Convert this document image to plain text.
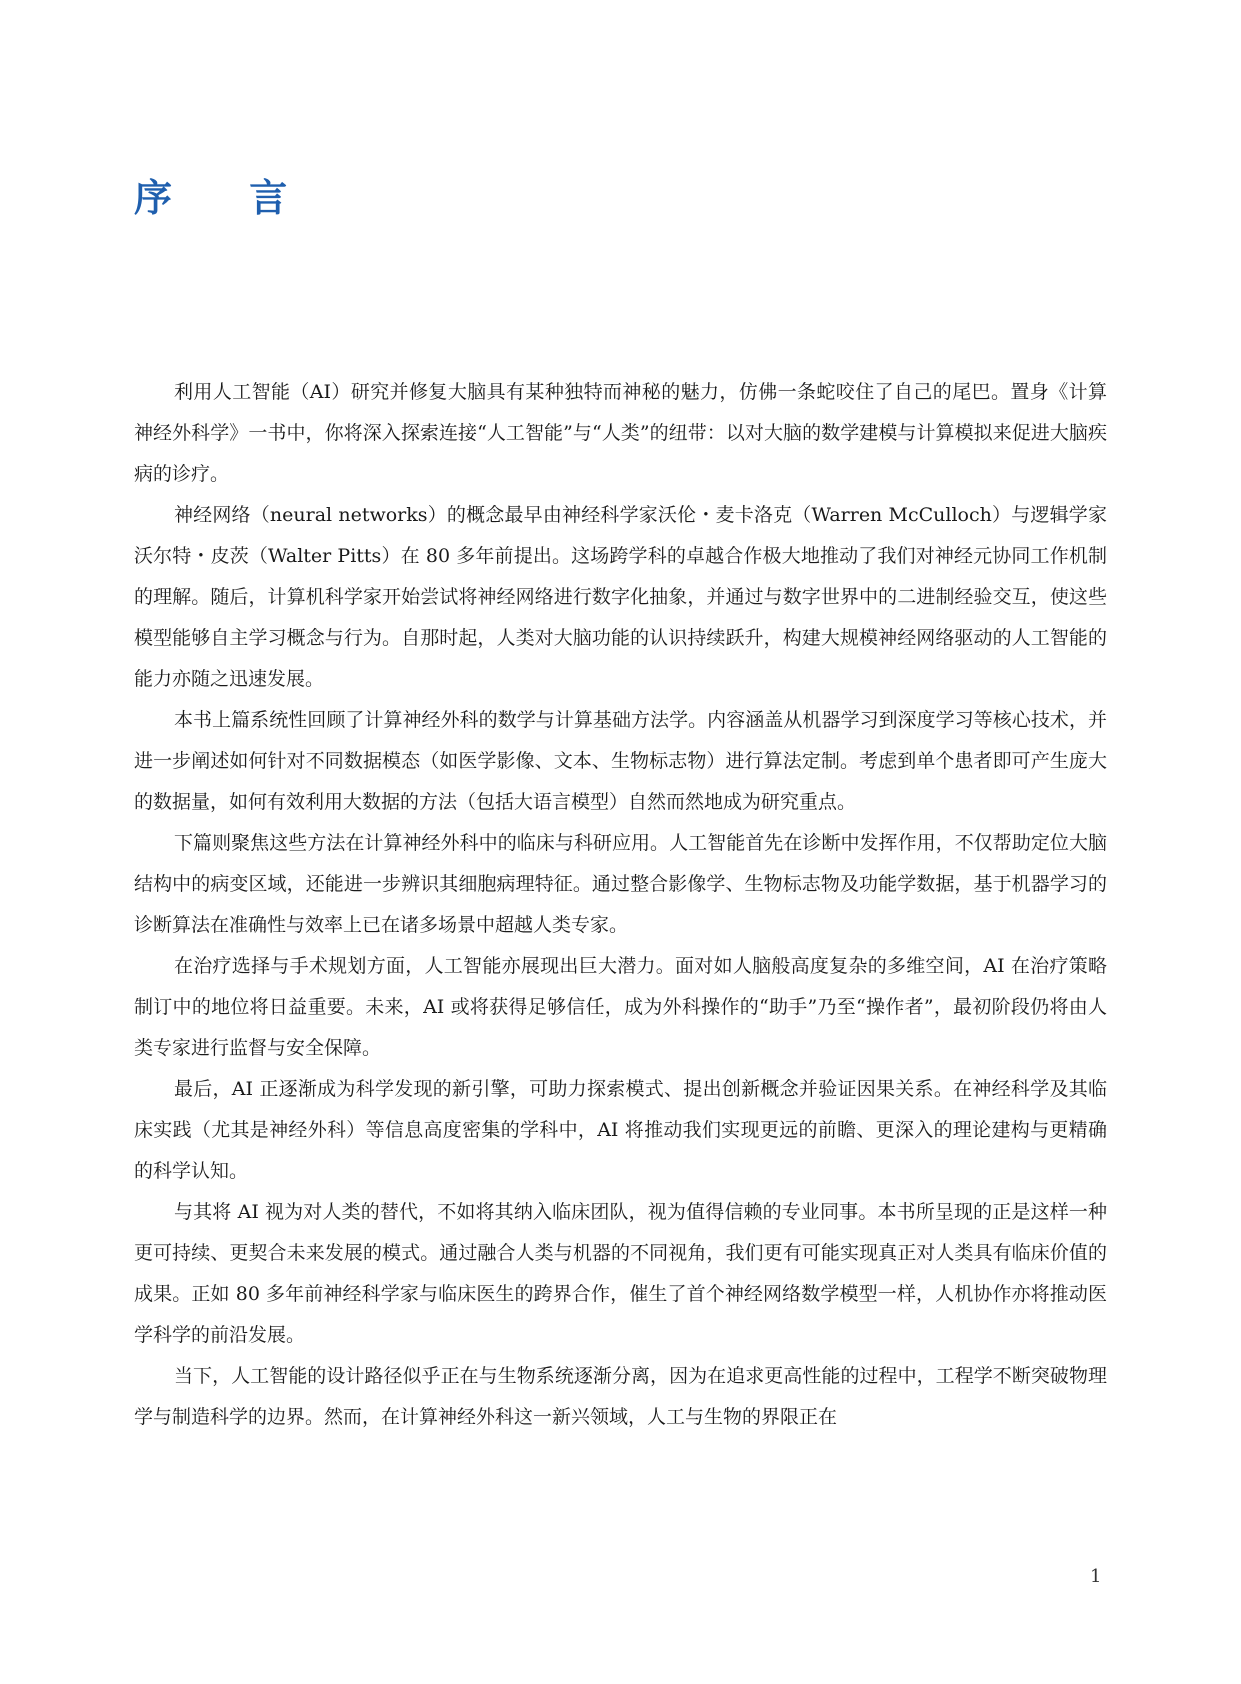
序 言

利用人工智能（AI）研究并修复大脑具有某种独特而神秘的魅力，仿佛一条蛇咬住了自己的尾巴。置身《计算神经外科学》一书中，你将深入探索连接“人工智能”与“人类”的纽带：以对大脑的数学建模与计算模拟来促进大脑疾病的诊疗。

神经网络（neural networks）的概念最早由神经科学家沃伦・麦卡洛克（Warren McCulloch）与逻辑学家沃尔特・皮茨（Walter Pitts）在 80 多年前提出。这场跨学科的卓越合作极大地推动了我们对神经元协同工作机制的理解。随后，计算机科学家开始尝试将神经网络进行数字化抽象，并通过与数字世界中的二进制经验交互，使这些模型能够自主学习概念与行为。自那时起，人类对大脑功能的认识持续跃升，构建大规模神经网络驱动的人工智能的能力亦随之迅速发展。

本书上篇系统性回顾了计算神经外科的数学与计算基础方法学。内容涵盖从机器学习到深度学习等核心技术，并进一步阐述如何针对不同数据模态（如医学影像、文本、生物标志物）进行算法定制。考虑到单个患者即可产生庞大的数据量，如何有效利用大数据的方法（包括大语言模型）自然而然地成为研究重点。

下篇则聚焦这些方法在计算神经外科中的临床与科研应用。人工智能首先在诊断中发挥作用，不仅帮助定位大脑结构中的病变区域，还能进一步辨识其细胞病理特征。通过整合影像学、生物标志物及功能学数据，基于机器学习的诊断算法在准确性与效率上已在诸多场景中超越人类专家。

在治疗选择与手术规划方面，人工智能亦展现出巨大潜力。面对如人脑般高度复杂的多维空间，AI 在治疗策略制订中的地位将日益重要。未来，AI 或将获得足够信任，成为外科操作的“助手”乃至“操作者”，最初阶段仍将由人类专家进行监督与安全保障。

最后，AI 正逐渐成为科学发现的新引擎，可助力探索模式、提出创新概念并验证因果关系。在神经科学及其临床实践（尤其是神经外科）等信息高度密集的学科中，AI 将推动我们实现更远的前瞻、更深入的理论建构与更精确的科学认知。

与其将 AI 视为对人类的替代，不如将其纳入临床团队，视为值得信赖的专业同事。本书所呈现的正是这样一种更可持续、更契合未来发展的模式。通过融合人类与机器的不同视角，我们更有可能实现真正对人类具有临床价值的成果。正如 80 多年前神经科学家与临床医生的跨界合作，催生了首个神经网络数学模型一样，人机协作亦将推动医学科学的前沿发展。

当下，人工智能的设计路径似乎正在与生物系统逐渐分离，因为在追求更高性能的过程中，工程学不断突破物理学与制造科学的边界。然而，在计算神经外科这一新兴领域，人工与生物的界限正在

1
